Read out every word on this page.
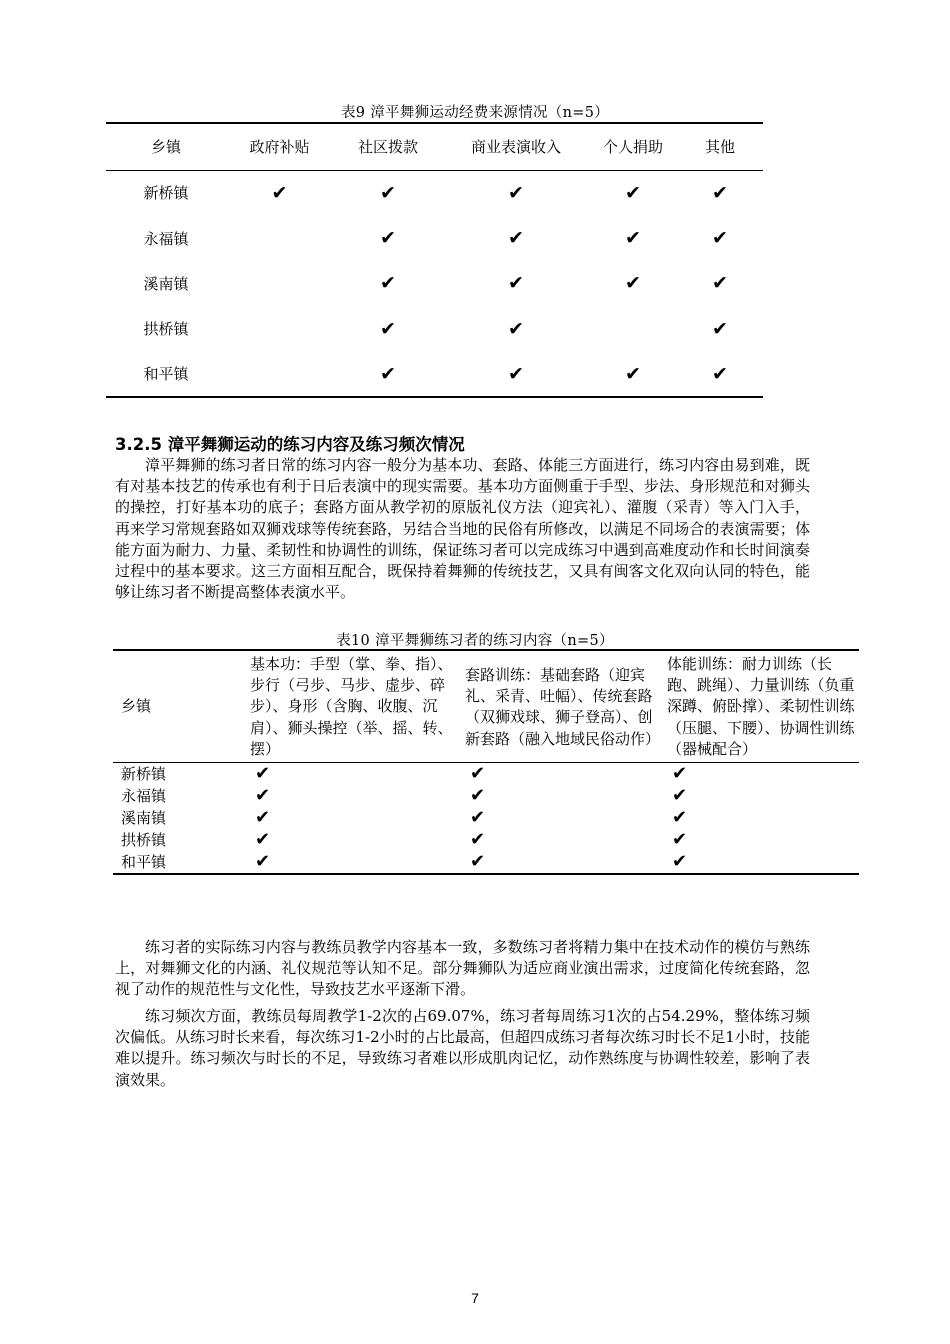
表9 漳平舞狮运动经费来源情况（n=5）
乡镇	政府补贴	社区拨款	商业表演收入	个人捐助	其他
新桥镇	✔	✔	✔	✔	✔
永福镇		✔	✔	✔	✔
溪南镇		✔	✔	✔	✔
拱桥镇		✔	✔		✔
和平镇		✔	✔	✔	✔
3.2.5 漳平舞狮运动的练习内容及练习频次情况

漳平舞狮的练习者日常的练习内容一般分为基本功、套路、体能三方面进行，练习内容由易到难，既有对基本技艺的传承也有利于日后表演中的现实需要。基本功方面侧重于手型、步法、身形规范和对狮头的操控，打好基本功的底子；套路方面从教学初的原版礼仪方法（迎宾礼）、灌腹（采青）等入门入手，再来学习常规套路如双狮戏球等传统套路，另结合当地的民俗有所修改，以满足不同场合的表演需要；体能方面为耐力、力量、柔韧性和协调性的训练，保证练习者可以完成练习中遇到高难度动作和长时间演奏过程中的基本要求。这三方面相互配合，既保持着舞狮的传统技艺，又具有闽客文化双向认同的特色，能够让练习者不断提高整体表演水平。

表10 漳平舞狮练习者的练习内容（n=5）
乡镇	基本功：手型（掌、拳、指）、步行（弓步、马步、虚步、碎步）、身形（含胸、收腹、沉肩）、狮头操控（举、摇、转、摆）	套路训练：基础套路（迎宾礼、采青、吐幅）、传统套路（双狮戏球、狮子登高）、创新套路（融入地域民俗动作）	体能训练：耐力训练（长跑、跳绳）、力量训练（负重深蹲、俯卧撑）、柔韧性训练（压腿、下腰）、协调性训练（器械配合）
新桥镇	✔	✔	✔
永福镇	✔	✔	✔
溪南镇	✔	✔	✔
拱桥镇	✔	✔	✔
和平镇	✔	✔	✔

练习者的实际练习内容与教练员教学内容基本一致，多数练习者将精力集中在技术动作的模仿与熟练上，对舞狮文化的内涵、礼仪规范等认知不足。部分舞狮队为适应商业演出需求，过度简化传统套路，忽视了动作的规范性与文化性，导致技艺水平逐渐下滑。

练习频次方面，教练员每周教学1-2次的占69.07%，练习者每周练习1次的占54.29%，整体练习频次偏低。从练习时长来看，每次练习1-2小时的占比最高，但超四成练习者每次练习时长不足1小时，技能难以提升。练习频次与时长的不足，导致练习者难以形成肌肉记忆，动作熟练度与协调性较差，影响了表演效果。

7
